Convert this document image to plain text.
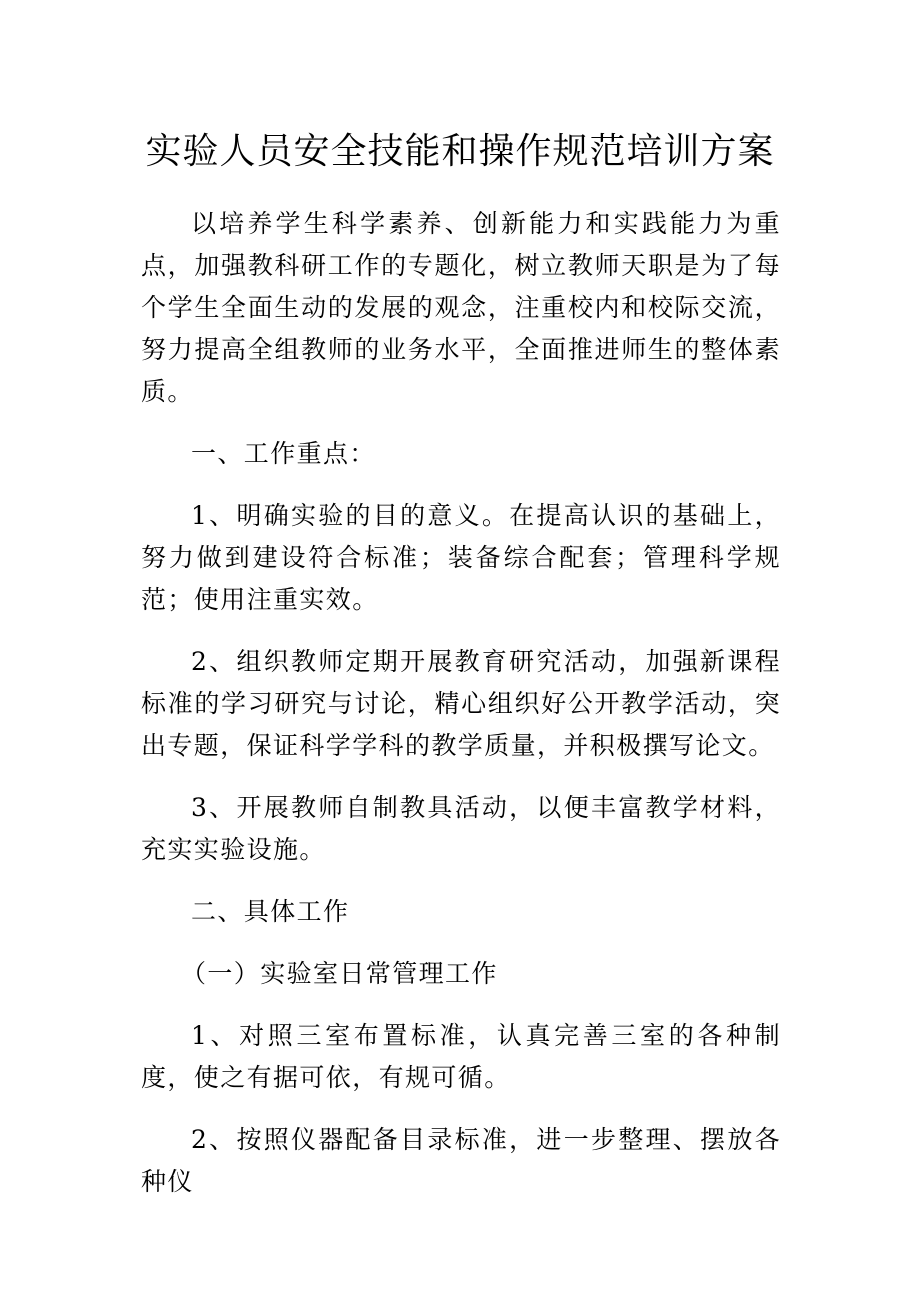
实验人员安全技能和操作规范培训方案

以培养学生科学素养、创新能力和实践能力为重点，加强教科研工作的专题化，树立教师天职是为了每个学生全面生动的发展的观念，注重校内和校际交流，努力提高全组教师的业务水平，全面推进师生的整体素质。

一、工作重点：

1、明确实验的目的意义。在提高认识的基础上，努力做到建设符合标准；装备综合配套；管理科学规范；使用注重实效。

2、组织教师定期开展教育研究活动，加强新课程标准的学习研究与讨论，精心组织好公开教学活动，突出专题，保证科学学科的教学质量，并积极撰写论文。

3、开展教师自制教具活动，以便丰富教学材料，充实实验设施。

二、具体工作

（一）实验室日常管理工作

1、对照三室布置标准，认真完善三室的各种制度，使之有据可依，有规可循。

2、按照仪器配备目录标准，进一步整理、摆放各种仪
